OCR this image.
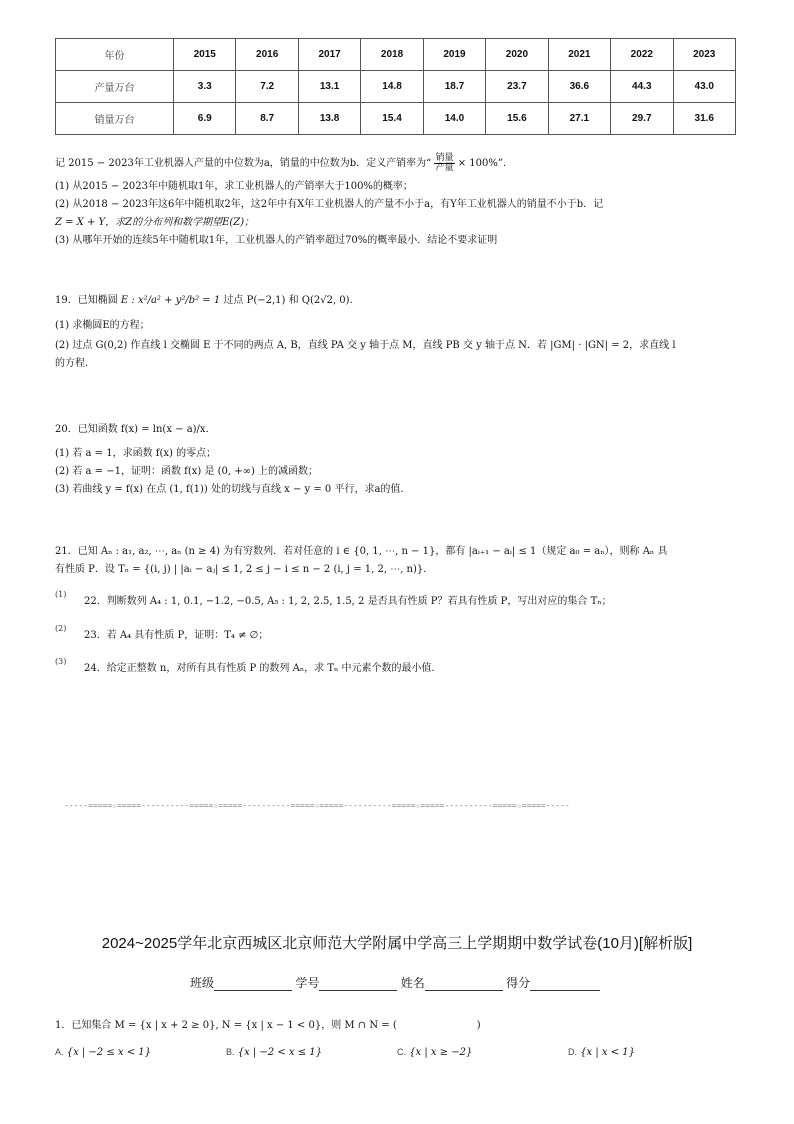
年份	2015	2016	2017	2018	2019	2020	2021	2022	2023
产量万台	3.3	7.2	13.1	14.8	18.7	23.7	36.6	44.3	43.0
销量万台	6.9	8.7	13.8	15.4	14.0	15.6	27.1	29.7	31.6
记 2015 − 2023年工业机器人产量的中位数为a，销量的中位数为b．定义产销率为“ $\frac{\text{销量}}{\text{产量}} \times 100\%$”．
(1) 从2015 − 2023年中随机取1年，求工业机器人的产销率大于100%的概率；
(2) 从2018 − 2023年这6年中随机取2年，这2年中有X年工业机器人的产量不小于a，有Y年工业机器人的销量不小于b．记
Z = X + Y，求Z的分布列和数学期望E(Z)；
(3) 从哪年开始的连续5年中随机取1年，工业机器人的产销率超过70%的概率最小．结论不要求证明
19．已知椭圆 E : x²/a² + y²/b² = 1 过点 P(−2,1) 和 Q(2√2, 0)．
(1) 求椭圆E的方程；
(2) 过点 G(0,2) 作直线 l 交椭圆 E 于不同的两点 A, B，直线 PA 交 y 轴于点 M，直线 PB 交 y 轴于点 N．若 |GM| · |GN| = 2，求直线 l
的方程．
20．已知函数 f(x) = ln(x − a)/x．
(1) 若 a = 1，求函数 f(x) 的零点；
(2) 若 a = −1，证明：函数 f(x) 是 (0, +∞) 上的减函数；
(3) 若曲线 y = f(x) 在点 (1, f(1)) 处的切线与直线 x − y = 0 平行，求a的值．
21．已知 Aₙ : a₁, a₂, ⋯, aₙ (n ≥ 4) 为有穷数列．若对任意的 i ∈ {0, 1, ⋯, n − 1}，都有 |aᵢ₊₁ − aᵢ| ≤ 1（规定 a₀ = aₙ），则称 Aₙ 具
有性质 P．设 Tₙ = {(i, j) | |aᵢ − aⱼ| ≤ 1, 2 ≤ j − i ≤ n − 2 (i, j = 1, 2, ⋯, n)}．
(1)
22．判断数列 A₄ : 1, 0.1, −1.2, −0.5, A₅ : 1, 2, 2.5, 1.5, 2 是否具有性质 P？若具有性质 P，写出对应的集合 Tₙ；
(2)
23．若 A₄ 具有性质 P，证明：T₄ ≠ ∅；
(3)
24．给定正整数 n，对所有具有性质 P 的数列 Aₙ，求 Tₙ 中元素个数的最小值．
-----=====☆=====----------=====☆=====----------=====☆=====----------=====☆=====----------=====☆=====-----
2024~2025学年北京西城区北京师范大学附属中学高三上学期期中数学试卷(10月)[解析版]
班级	学号	姓名	得分
1．已知集合 M = {x | x + 2 ≥ 0}, N = {x | x − 1 < 0}，则 M ∩ N = (　　　　　　　　)
A. {x | −2 ≤ x < 1}	B. {x | −2 < x ≤ 1}	C. {x | x ≥ −2}	D. {x | x < 1}
